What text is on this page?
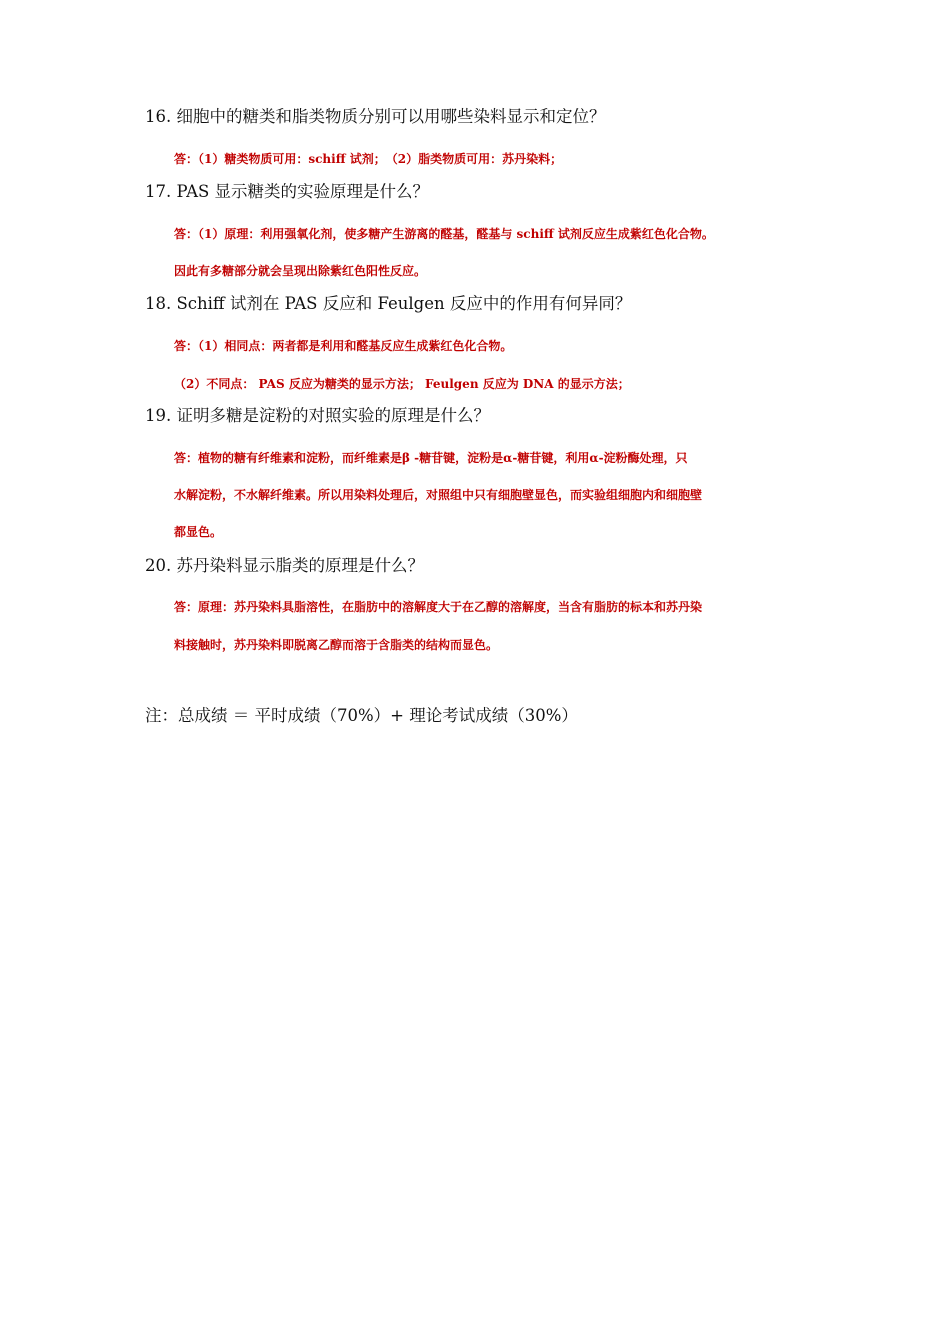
16. 细胞中的糖类和脂类物质分别可以用哪些染料显示和定位？
答：（1）糖类物质可用：schiff 试剂；　（2）脂类物质可用：苏丹染料；
17. PAS 显示糖类的实验原理是什么？
答：（1）原理：利用强氧化剂，使多糖产生游离的醛基，醛基与 schiff 试剂反应生成紫红色化合物。
因此有多糖部分就会呈现出除紫红色阳性反应。
18. Schiff 试剂在 PAS 反应和 Feulgen 反应中的作用有何异同？
答：（1）相同点：两者都是利用和醛基反应生成紫红色化合物。
（2）不同点： PAS 反应为糖类的显示方法； Feulgen 反应为 DNA 的显示方法；
19. 证明多糖是淀粉的对照实验的原理是什么？
答：植物的糖有纤维素和淀粉，而纤维素是β -糖苷键，淀粉是α-糖苷键，利用α-淀粉酶处理，只
水解淀粉，不水解纤维素。所以用染料处理后，对照组中只有细胞壁显色，而实验组细胞内和细胞壁
都显色。
20. 苏丹染料显示脂类的原理是什么？
答：原理：苏丹染料具脂溶性，在脂肪中的溶解度大于在乙醇的溶解度，当含有脂肪的标本和苏丹染
料接触时，苏丹染料即脱离乙醇而溶于含脂类的结构而显色。
注：总成绩 ＝ 平时成绩（70%）+ 理论考试成绩（30%）
